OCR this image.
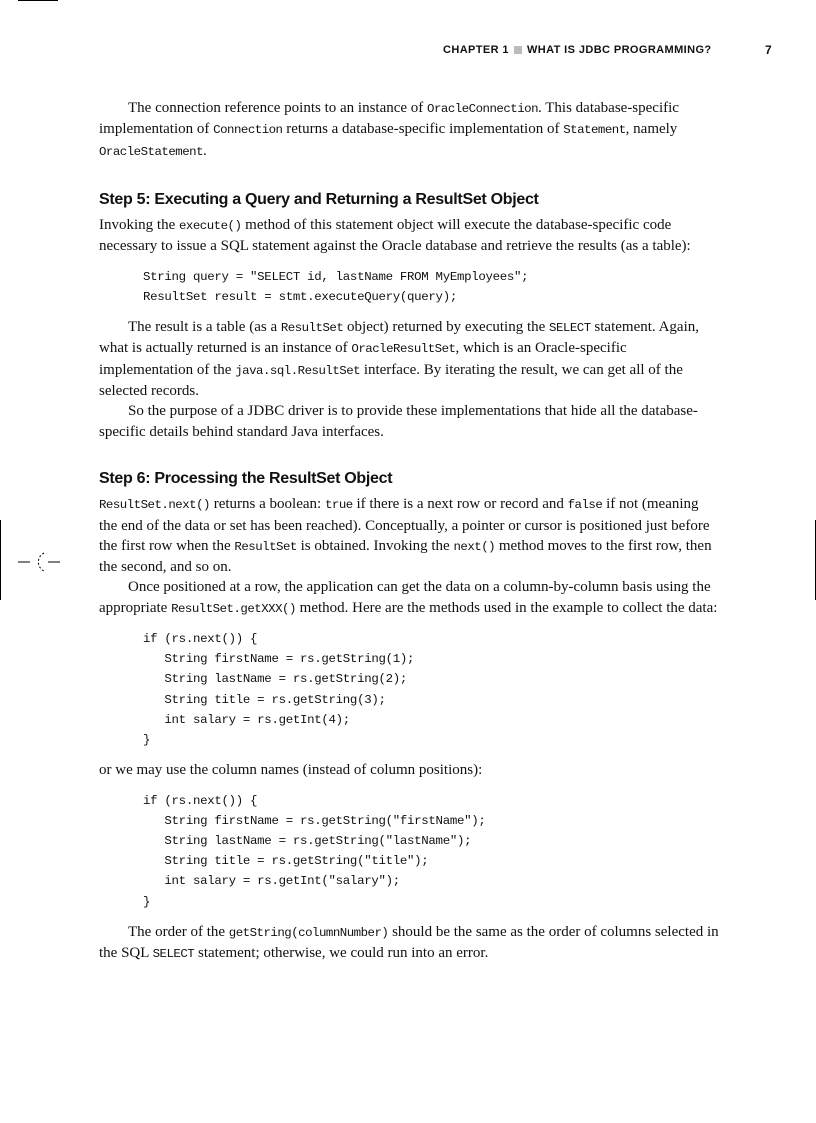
CHAPTER 1 WHAT IS JDBC PROGRAMMING?	7

The connection reference points to an instance of OracleConnection. This database-specific implementation of Connection returns a database-specific implementation of Statement, namely OracleStatement.

Step 5: Executing a Query and Returning a ResultSet Object

Invoking the execute() method of this statement object will execute the database-specific code necessary to issue a SQL statement against the Oracle database and retrieve the results (as a table):

String query = "SELECT id, lastName FROM MyEmployees";
ResultSet result = stmt.executeQuery(query);

The result is a table (as a ResultSet object) returned by executing the SELECT statement. Again, what is actually returned is an instance of OracleResultSet, which is an Oracle-specific implementation of the java.sql.ResultSet interface. By iterating the result, we can get all of the selected records.

So the purpose of a JDBC driver is to provide these implementations that hide all the database-specific details behind standard Java interfaces.

Step 6: Processing the ResultSet Object

ResultSet.next() returns a boolean: true if there is a next row or record and false if not (meaning the end of the data or set has been reached). Conceptually, a pointer or cursor is positioned just before the first row when the ResultSet is obtained. Invoking the next() method moves to the first row, then the second, and so on.

Once positioned at a row, the application can get the data on a column-by-column basis using the appropriate ResultSet.getXXX() method. Here are the methods used in the example to collect the data:

if (rs.next()) {
String firstName = rs.getString(1);
String lastName = rs.getString(2);
String title = rs.getString(3);
int salary = rs.getInt(4);
}

or we may use the column names (instead of column positions):

if (rs.next()) {
String firstName = rs.getString("firstName");
String lastName = rs.getString("lastName");
String title = rs.getString("title");
int salary = rs.getInt("salary");
}

The order of the getString(columnNumber) should be the same as the order of columns selected in the SQL SELECT statement; otherwise, we could run into an error.
